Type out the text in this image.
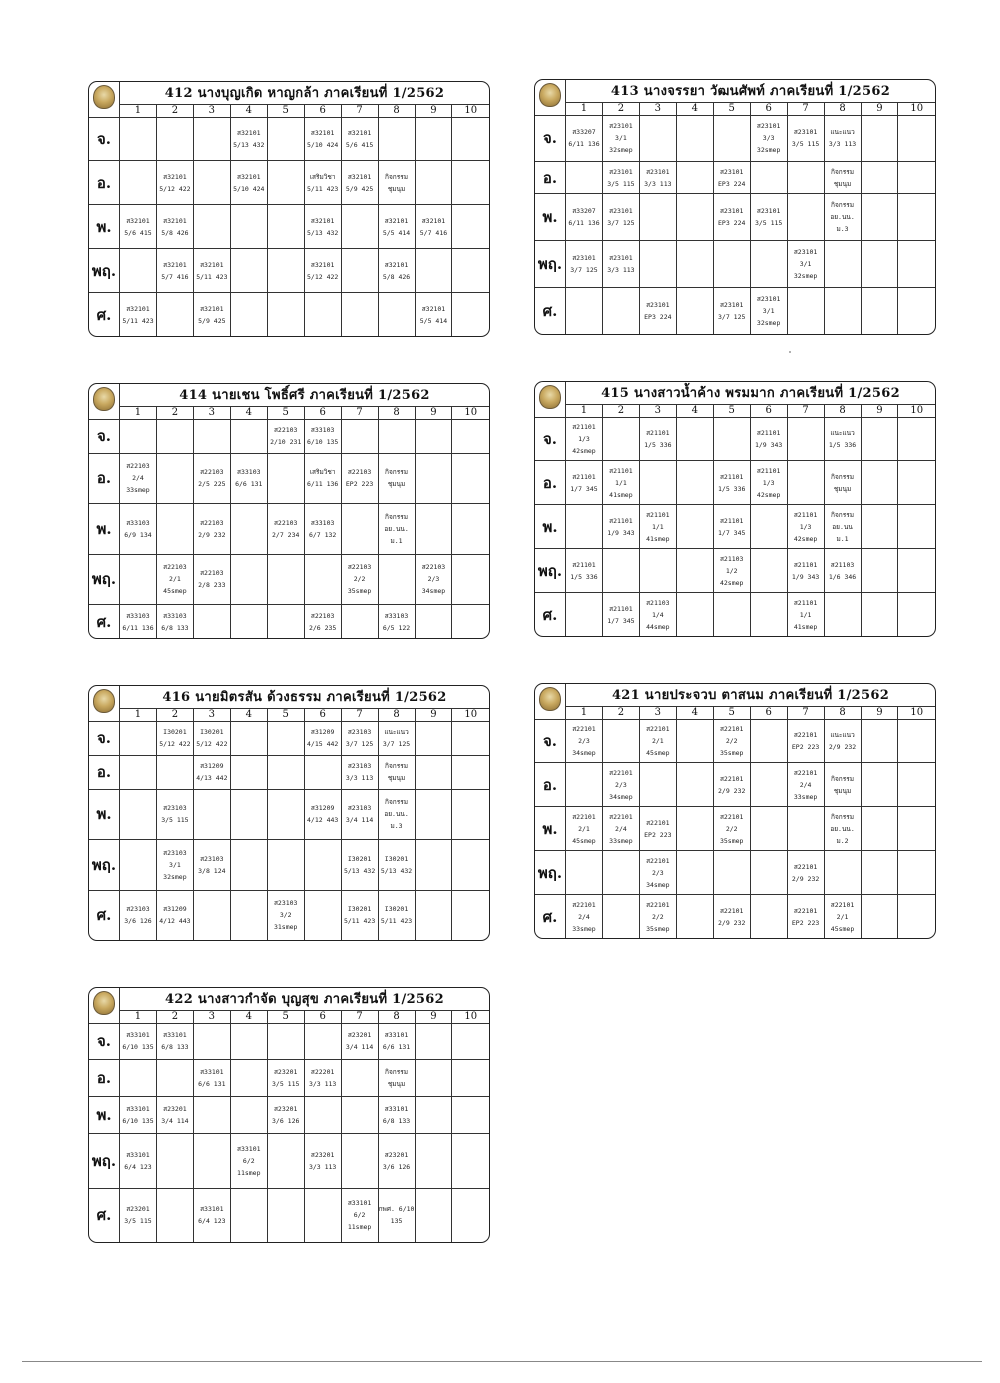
	412 นางบุญเกิด หาญกล้า ภาคเรียนที่ 1/2562									
	1	2	3	4	5	6	7	8	9	10
จ.				ส32101 5/13 432		ส32101 5/10 424	ส32101 5/6 415			
อ.		ส32101 5/12 422		ส32101 5/10 424		เสริมวิชา 5/11 423	ส32101 5/9 425	กิจกรรม ชุมนุม		
พ.	ส32101 5/6 415	ส32101 5/8 426				ส32101 5/13 432		ส32101 5/5 414	ส32101 5/7 416	
พฤ.		ส32101 5/7 416	ส32101 5/11 423			ส32101 5/12 422		ส32101 5/8 426		
ศ.	ส32101 5/11 423		ส32101 5/9 425						ส32101 5/5 414	
	413 นางจรรยา วัฒนศัพท์ ภาคเรียนที่ 1/2562									
	1	2	3	4	5	6	7	8	9	10
จ.	ส33207 6/11 136	ส23101 3/1 32smep				ส23101 3/3 32smep	ส23101 3/5 115	แนะแนว 3/3 113		
อ.		ส23101 3/5 115	ส23101 3/3 113		ส23101 EP3 224			กิจกรรม ชุมนุม		
พ.	ส33207 6/11 136	ส23101 3/7 125			ส23101 EP3 224	ส23101 3/5 115		กิจกรรม อย.นน. ม.3		
พฤ.	ส23101 3/7 125	ส23101 3/3 113					ส23101 3/1 32smep			
ศ.			ส23101 EP3 224		ส23101 3/7 125	ส23101 3/1 32smep				
	414 นายเชน โพธิ์ศรี ภาคเรียนที่ 1/2562									
	1	2	3	4	5	6	7	8	9	10
จ.					ส22103 2/10 231	ส33103 6/10 135				
อ.	ส22103 2/4 33smep		ส22103 2/5 225	ส33103 6/6 131		เสริมวิชา 6/11 136	ส22103 EP2 223	กิจกรรม ชุมนุม		
พ.	ส33103 6/9 134		ส22103 2/9 232		ส22103 2/7 234	ส33103 6/7 132		กิจกรรม อย.นน. ม.1		
พฤ.		ส22103 2/1 45smep	ส22103 2/8 233				ส22103 2/2 35smep		ส22103 2/3 34smep	
ศ.	ส33103 6/11 136	ส33103 6/8 133				ส22103 2/6 235		ส33103 6/5 122		
	415 นางสาวน้ำค้าง พรมมาก ภาคเรียนที่ 1/2562									
	1	2	3	4	5	6	7	8	9	10
จ.	ส21101 1/3 42smep		ส21101 1/5 336			ส21101 1/9 343		แนะแนว 1/5 336		
อ.	ส21101 1/7 345	ส21101 1/1 41smep			ส21101 1/5 336	ส21101 1/3 42smep		กิจกรรม ชุมนุม		
พ.		ส21101 1/9 343	ส21101 1/1 41smep		ส21101 1/7 345		ส21101 1/3 42smep	กิจกรรม อย.นน ม.1		
พฤ.	ส21101 1/5 336				ส21103 1/2 42smep		ส21101 1/9 343	ส21103 1/6 346		
ศ.		ส21101 1/7 345	ส21103 1/4 44smep				ส21101 1/1 41smep			
	416 นายมิตรสัน ด้วงธรรม ภาคเรียนที่ 1/2562									
	1	2	3	4	5	6	7	8	9	10
จ.		I30201 5/12 422	I30201 5/12 422			ส31209 4/15 442	ส23103 3/7 125	แนะแนว 3/7 125		
อ.			ส31209 4/13 442				ส23103 3/3 113	กิจกรรม ชุมนุม		
พ.		ส23103 3/5 115				ส31209 4/12 443	ส23103 3/4 114	กิจกรรม อย.นน. ม.3		
พฤ.		ส23103 3/1 32smep	ส23103 3/8 124				I30201 5/13 432	I30201 5/13 432		
ศ.	ส23103 3/6 126	ส31209 4/12 443			ส23103 3/2 31smep		I30201 5/11 423	I30201 5/11 423		
	421 นายประจวบ ตาสนม ภาคเรียนที่ 1/2562									
	1	2	3	4	5	6	7	8	9	10
จ.	ส22101 2/3 34smep		ส22101 2/1 45smep		ส22101 2/2 35smep		ส22101 EP2 223	แนะแนว 2/9 232		
อ.		ส22101 2/3 34smep			ส22101 2/9 232		ส22101 2/4 33smep	กิจกรรม ชุมนุม		
พ.	ส22101 2/1 45smep	ส22101 2/4 33smep	ส22101 EP2 223		ส22101 2/2 35smep			กิจกรรม อย.นน. ม.2		
พฤ.			ส22101 2/3 34smep				ส22101 2/9 232			
ศ.	ส22101 2/4 33smep		ส22101 2/2 35smep		ส22101 2/9 232		ส22101 EP2 223	ส22101 2/1 45smep		
	422 นางสาวกำจัด บุญสุข ภาคเรียนที่ 1/2562									
	1	2	3	4	5	6	7	8	9	10
จ.	ส33101 6/10 135	ส33101 6/8 133					ส23201 3/4 114	ส33101 6/6 131		
อ.			ส33101 6/6 131		ส23201 3/5 115	ส22201 3/3 113		กิจกรรม ชุมนุม		
พ.	ส33101 6/10 135	ส23201 3/4 114			ส23201 3/6 126			ส33101 6/8 133		
พฤ.	ส33101 6/4 123			ส33101 6/2 11smep		ส23201 3/3 113		ส23201 3/6 126		
ศ.	ส23201 3/5 115		ส33101 6/4 123				ส33101 6/2 11smep	กพศ. 6/10 135		
